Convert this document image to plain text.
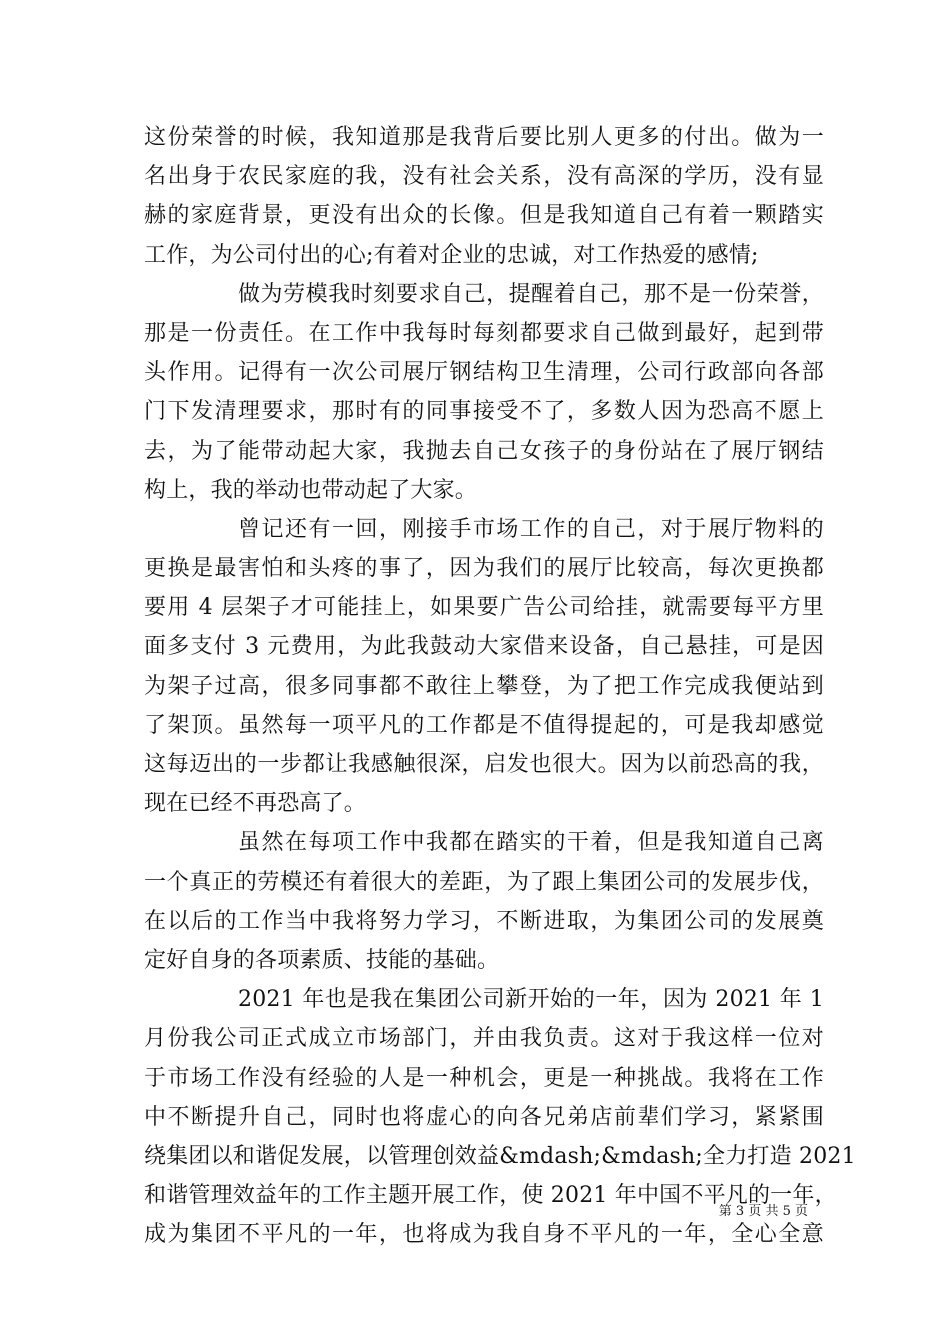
这份荣誉的时候，我知道那是我背后要比别人更多的付出。做为一
名出身于农民家庭的我，没有社会关系，没有高深的学历，没有显
赫的家庭背景，更没有出众的长像。但是我知道自己有着一颗踏实
工作，为公司付出的心;有着对企业的忠诚，对工作热爱的感情;
做为劳模我时刻要求自己，提醒着自己，那不是一份荣誉，
那是一份责任。在工作中我每时每刻都要求自己做到最好，起到带
头作用。记得有一次公司展厅钢结构卫生清理，公司行政部向各部
门下发清理要求，那时有的同事接受不了，多数人因为恐高不愿上
去，为了能带动起大家，我抛去自己女孩子的身份站在了展厅钢结
构上，我的举动也带动起了大家。
曾记还有一回，刚接手市场工作的自己，对于展厅物料的
更换是最害怕和头疼的事了，因为我们的展厅比较高，每次更换都
要用 4 层架子才可能挂上，如果要广告公司给挂，就需要每平方里
面多支付 3 元费用，为此我鼓动大家借来设备，自己悬挂，可是因
为架子过高，很多同事都不敢往上攀登，为了把工作完成我便站到
了架顶。虽然每一项平凡的工作都是不值得提起的，可是我却感觉
这每迈出的一步都让我感触很深，启发也很大。因为以前恐高的我，
现在已经不再恐高了。
虽然在每项工作中我都在踏实的干着，但是我知道自己离
一个真正的劳模还有着很大的差距，为了跟上集团公司的发展步伐，
在以后的工作当中我将努力学习，不断进取，为集团公司的发展奠
定好自身的各项素质、技能的基础。
2021 年也是我在集团公司新开始的一年，因为 2021 年 1
月份我公司正式成立市场部门，并由我负责。这对于我这样一位对
于市场工作没有经验的人是一种机会，更是一种挑战。我将在工作
中不断提升自己，同时也将虚心的向各兄弟店前辈们学习，紧紧围
绕集团以和谐促发展，以管理创效益&mdash;&mdash;全力打造 2021
和谐管理效益年的工作主题开展工作，使 2021 年中国不平凡的一年，
成为集团不平凡的一年，也将成为我自身不平凡的一年，全心全意
第 3 页 共 5 页
